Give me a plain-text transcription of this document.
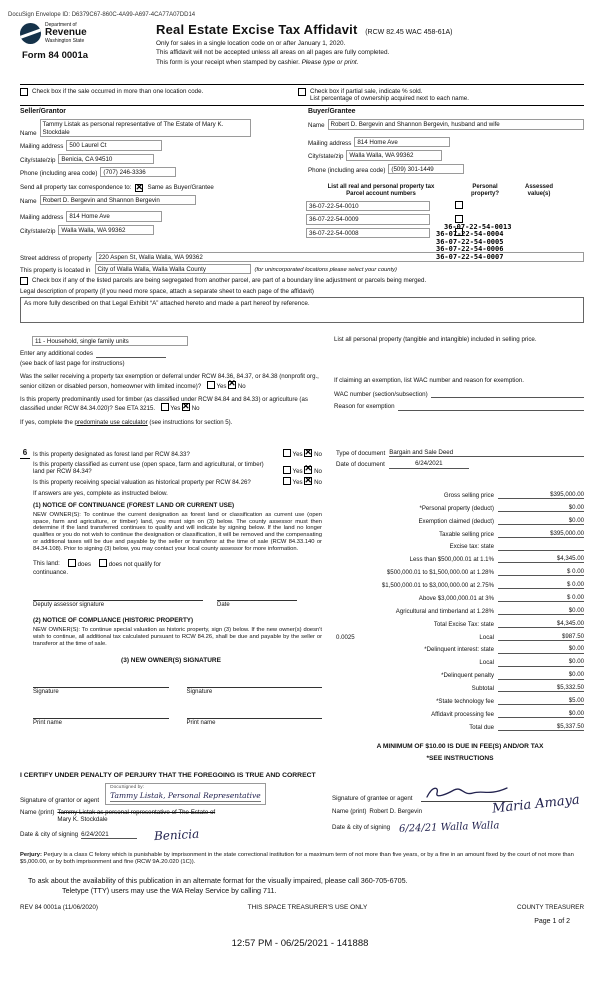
DocuSign Envelope ID: D6379C67-860C-4A99-A697-4CA77A07DD14
Department of
Revenue
Washington State
Form 84 0001a
Real Estate Excise Tax Affidavit (RCW 82.45 WAC 458-61A)
Only for sales in a single location code on or after January 1, 2020.
This affidavit will not be accepted unless all areas on all pages are fully completed.
This form is your receipt when stamped by cashier. Please type or print.
Check box if the sale occurred in more than one location code.	Check box if partial sale, indicate % sold.
List percentage of ownership acquired next to each name.
Seller/Grantor
Name
Tammy Listak as personal representative of The Estate of Mary K. Stockdale
Mailing address 500 Laurel Ct
City/state/zip Benicia, CA 94510
Phone (including area code) (707) 246-3336
Buyer/Grantee
Name Robert D. Bergevin and Shannon Bergevin, husband and wife
Mailing address 814 Home Ave
City/state/zip Walla Walla, WA 99362
Phone (including area code) (509) 301-1449
Send all property tax correspondence to: ✕ Same as Buyer/Grantee
Name Robert D. Bergevin and Shannon Bergevin
Mailing address 814 Home Ave
City/state/zip Walla Walla, WA 99362
List all real and personal property tax
Parcel account numbers
Personal property?
Assessed value(s)
36-07-22-54-0010
36-07-22-54-0009
36-07-22-54-0008
36-07-22-54-0013
36-07-22-54-0004
36-07-22-54-0005
36-07-22-54-0006
36-07-22-54-0007
Street address of property	220 Aspen St, Walla Walla, WA 99362
This property is located in	City of Walla Walla, Walla Walla County	(for unincorporated locations please select your county)
Check box if any of the listed parcels are being segregated from another parcel, are part of a boundary line adjustment or parcels being merged.
Legal description of property (if you need more space, attach a separate sheet to each page of the affidavit)
As more fully described on that Legal Exhibit “A” attached hereto and made a part hereof by reference.
11 - Household, single family units
Enter any additional codes
(see back of last page for instructions)
Was the seller receiving a property tax exemption or deferral under RCW 84.36, 84.37, or 84.38 (nonprofit org., senior citizen or disabled person, homeowner with limited income)?	Yes ✕ No
Is this property predominantly used for timber (as classified under RCW 84.84 and 84.33) or agriculture (as classified under RCW 84.34.020)? See ETA 3215.	Yes ✕ No
If yes, complete the predominate use calculator (see instructions for section 5).
List all personal property (tangible and intangible) included in selling price.
If claiming an exemption, list WAC number and reason for exemption.
WAC number (section/subsection)
Reason for exemption
6 Is this property designated as forest land per RCW 84.33?	Yes ✕ No
Is this property classified as current use (open space, farm and agricultural, or timber) land per RCW 84.34?	Yes ✕ No
Is this property receiving special valuation as historical property per RCW 84.26?	Yes ✕ No
If answers are yes, complete as instructed below.
(1) NOTICE OF CONTINUANCE (FOREST LAND OR CURRENT USE)
NEW OWNER(S): To continue the current designation as forest land or classification as current use (open space, farm and agriculture, or timber) land, you must sign on (3) below. The county assessor must then determine if the land transferred continues to qualify and will indicate by signing below. If the land no longer qualifies or you do not wish to continue the designation or classification, it will be removed and the compensating or additional taxes will be due and payable by the seller or transferor at the time of sale (RCW 84.33.140 or 84.34.108). Prior to signing (3) below, you may contact your local county assessor for more information.
This land:	does	does not qualify for
continuance.
Deputy assessor signature	Date
(2) NOTICE OF COMPLIANCE (HISTORIC PROPERTY)
NEW OWNER(S): To continue special valuation as historic property, sign (3) below. If the new owner(s) doesn't wish to continue, all additional tax calculated pursuant to RCW 84.26, shall be due and payable by the seller or transferor at the time of sale.
(3) NEW OWNER(S) SIGNATURE
Signature
Print name
Signature
Print name
Type of document Bargain and Sale Deed
Date of document	6/24/2021
Gross selling price	$395,000.00
*Personal property (deduct)	$0.00
Exemption claimed (deduct)	$0.00
Taxable selling price	$395,000.00
Excise tax: state
Less than $500,000.01 at 1.1%	$4,345.00
$500,000.01 to $1,500,000.00 at 1.28%	$ 0.00
$1,500,000.01 to $3,000,000.00 at 2.75%	$ 0.00
Above $3,000,000.01 at 3%	$ 0.00
Agricultural and timberland at 1.28%	$0.00
Total Excise Tax: state	$4,345.00
0.0025	Local	$987.50
*Delinquent interest: state	$0.00
Local	$0.00
*Delinquent penalty	$0.00
Subtotal	$5,332.50
*State technology fee	$5.00
Affidavit processing fee	$0.00
Total due	$5,337.50
A MINIMUM OF $10.00 IS DUE IN FEE(S) AND/OR TAX
*SEE INSTRUCTIONS
I CERTIFY UNDER PENALTY OF PERJURY THAT THE FOREGOING IS TRUE AND CORRECT
Signature of grantor or agent
DocuSigned by:
Tammy Listak, Personal Representative
Name (print) Tammy Listak as personal representative of The Estate of
Mary K. Stockdale
Date & city of signing 6/24/2021	Benicia
Signature of grantee or agent
Name (print) Robert D. Bergevin	Maria Amaya
Date & city of signing 6/24/21 Walla Walla
Perjury: Perjury is a class C felony which is punishable by imprisonment in the state correctional institution for a maximum term of not more than five years, or by a fine in an amount fixed by the court of not more than $5,000.00, or by both imprisonment and fine (RCW 9A.20.020 (1C)).
To ask about the availability of this publication in an alternate format for the visually impaired, please call 360-705-6705.
Teletype (TTY) users may use the WA Relay Service by calling 711.
REV 84 0001a (11/06/2020)	THIS SPACE TREASURER'S USE ONLY	COUNTY TREASURER
Page 1 of 2
12:57 PM - 06/25/2021 - 141888
